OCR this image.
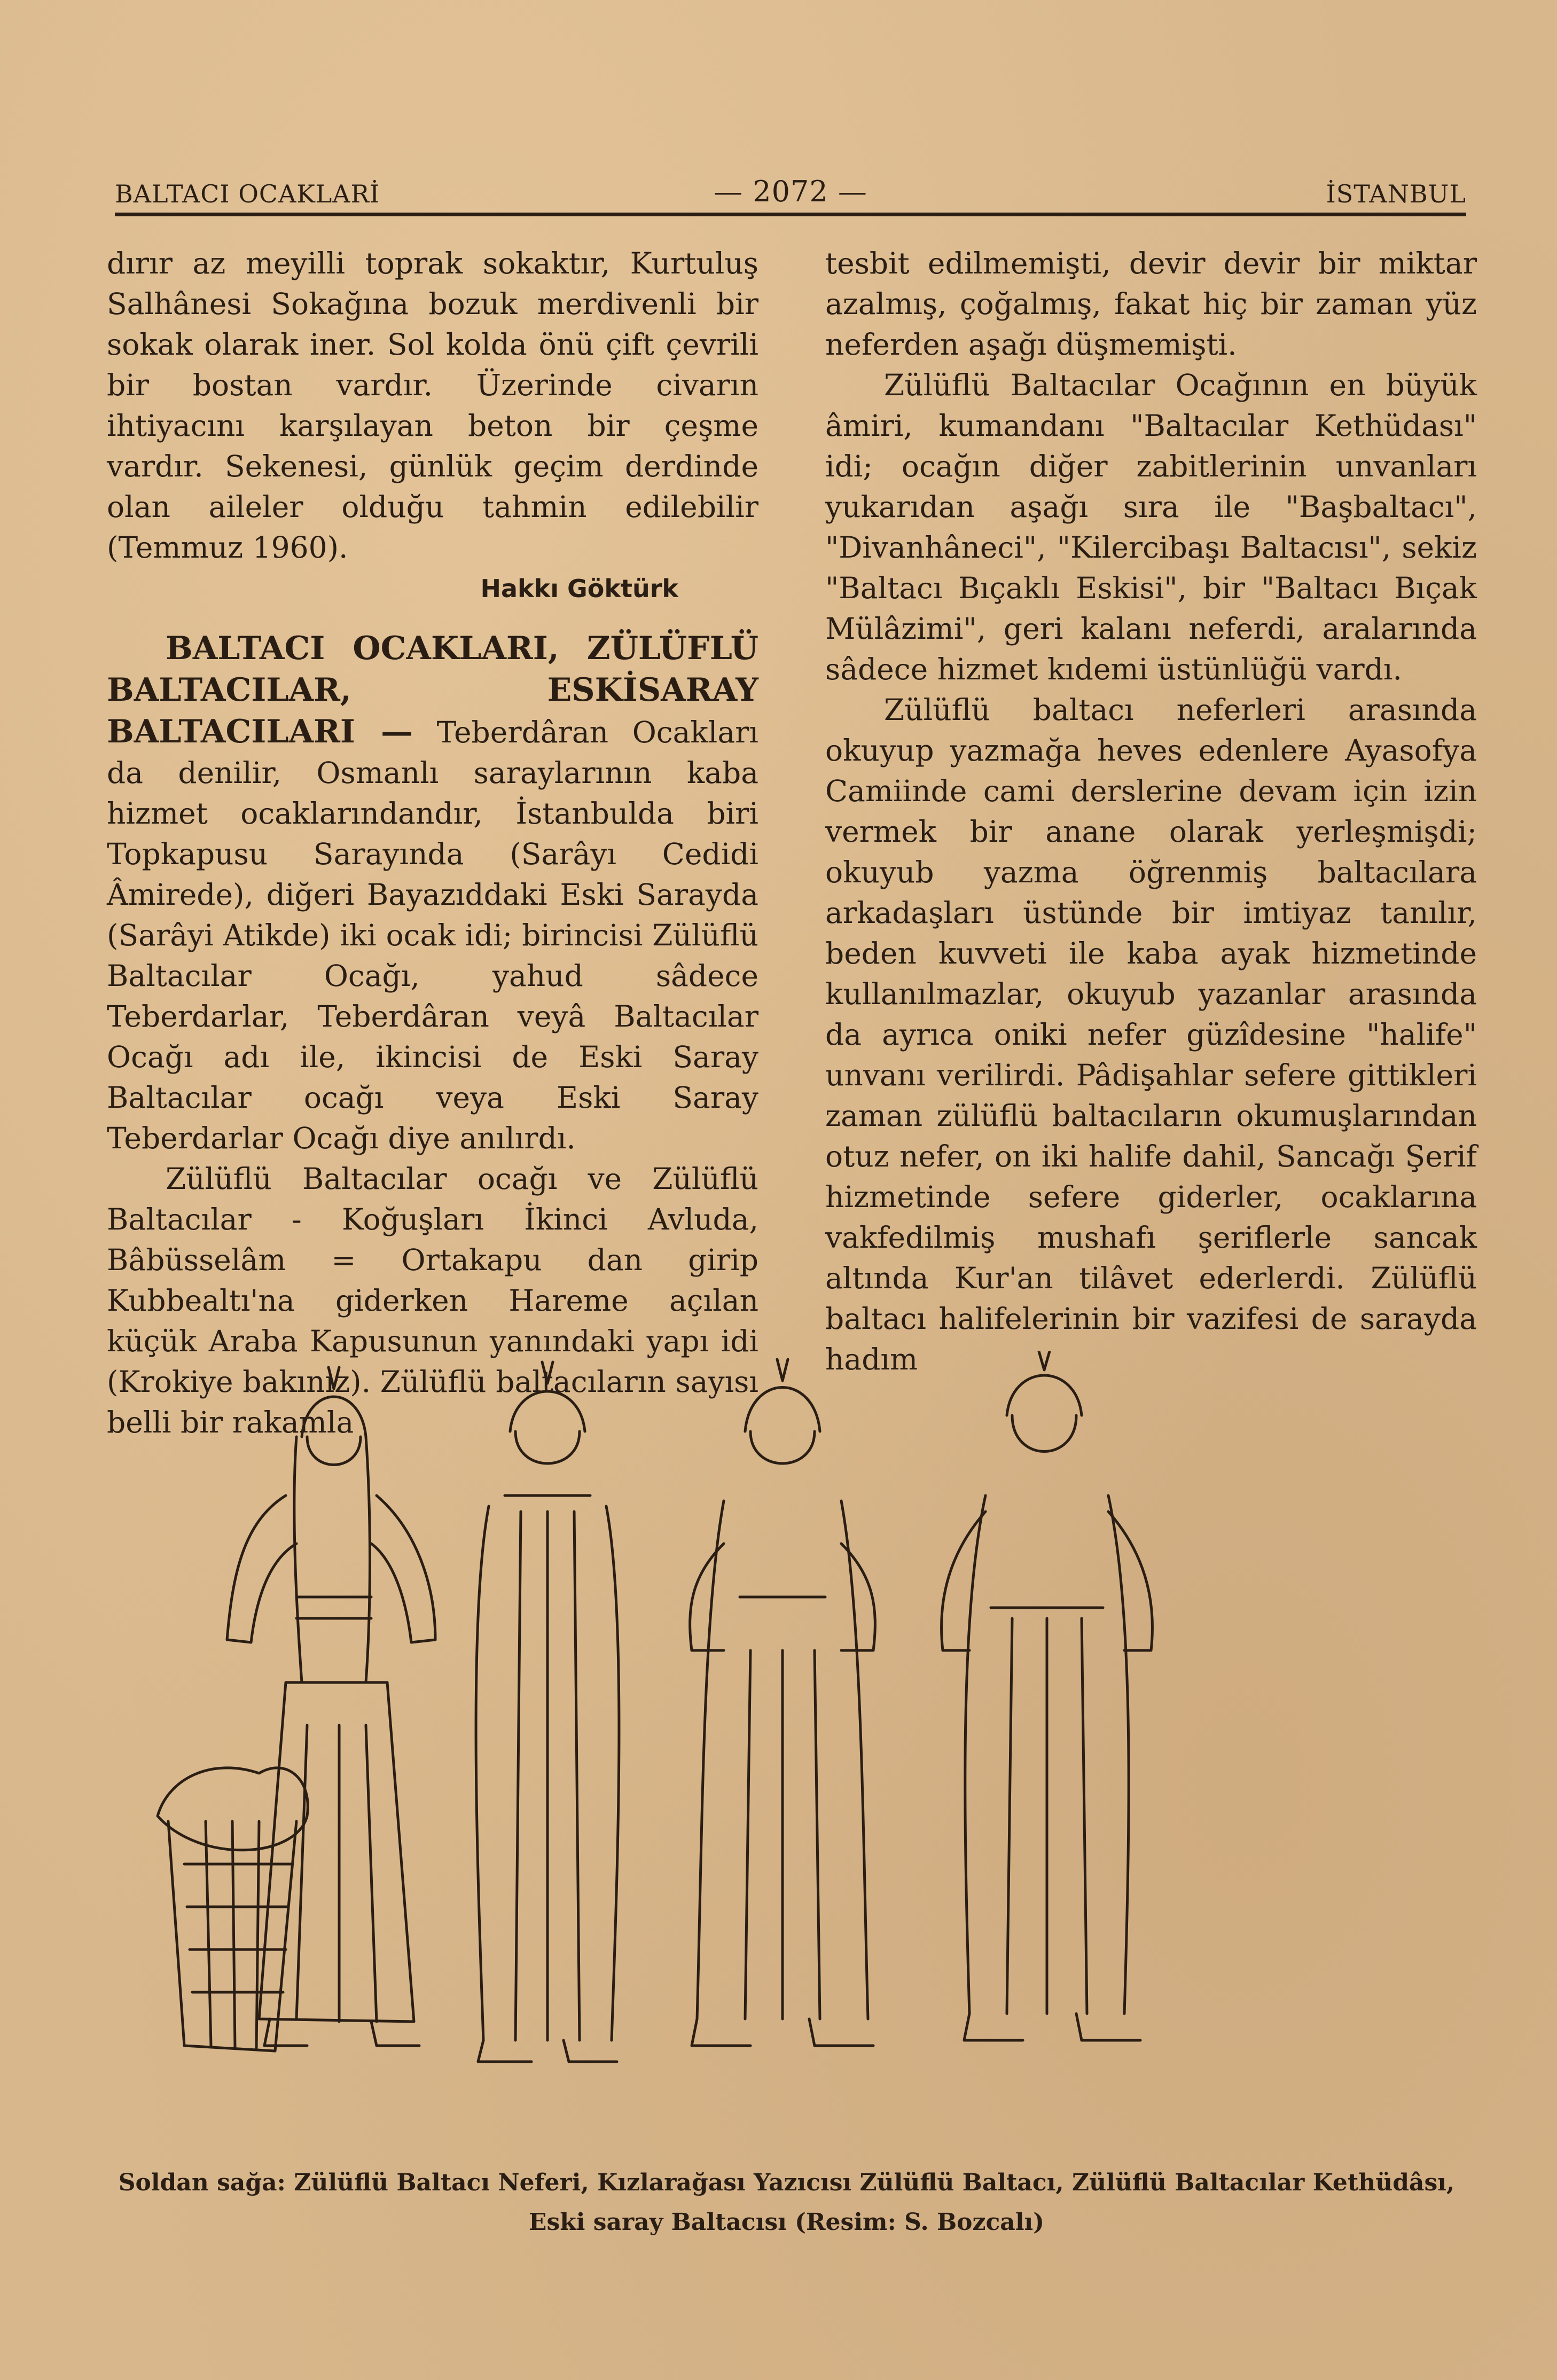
BALTACI OCAKLARİ	— 2072 —	İSTANBUL

dırır az meyilli toprak sokaktır, Kurtuluş Salhânesi Sokağına bozuk merdivenli bir sokak olarak iner. Sol kolda önü çift çevrili bir bostan vardır. Üzerinde civarın ihtiyacını karşılayan beton bir çeşme vardır. Sekenesi, günlük geçim derdinde olan aileler olduğu tahmin edilebilir (Temmuz 1960).

Hakkı Göktürk

BALTACI OCAKLARI, ZÜLÜFLÜ BALTACILAR, ESKİSARAY BALTACILARI — Teberdâran Ocakları da denilir, Osmanlı saraylarının kaba hizmet ocaklarındandır, İstanbulda biri Topkapusu Sarayında (Sarâyı Cedidi Âmirede), diğeri Bayazıddaki Eski Sarayda (Sarâyi Atikde) iki ocak idi; birincisi Zülüflü Baltacılar Ocağı, yahud sâdece Teberdarlar, Teberdâran veyâ Baltacılar Ocağı adı ile, ikincisi de Eski Saray Baltacılar ocağı veya Eski Saray Teberdarlar Ocağı diye anılırdı.

Zülüflü Baltacılar ocağı ve Zülüflü Baltacılar - Koğuşları İkinci Avluda, Bâbüsselâm = Ortakapu dan girip Kubbealtı'na giderken Hareme açılan küçük Araba Kapusunun yanındaki yapı idi (Krokiye bakınız). Zülüflü baltacıların sayısı belli bir rakamla

tesbit edilmemişti, devir devir bir miktar azalmış, çoğalmış, fakat hiç bir zaman yüz neferden aşağı düşmemişti.

Zülüflü Baltacılar Ocağının en büyük âmiri, kumandanı "Baltacılar Kethüdası" idi; ocağın diğer zabitlerinin unvanları yukarıdan aşağı sıra ile "Başbaltacı", "Divanhâneci", "Kilercibaşı Baltacısı", sekiz "Baltacı Bıçaklı Eskisi", bir "Baltacı Bıçak Mülâzimi", geri kalanı neferdi, aralarında sâdece hizmet kıdemi üstünlüğü vardı.

Zülüflü baltacı neferleri arasında okuyup yazmağa heves edenlere Ayasofya Camiinde cami derslerine devam için izin vermek bir anane olarak yerleşmişdi; okuyub yazma öğrenmiş baltacılara arkadaşları üstünde bir imtiyaz tanılır, beden kuvveti ile kaba ayak hizmetinde kullanılmazlar, okuyub yazanlar arasında da ayrıca oniki nefer güzîdesine "halife" unvanı verilirdi. Pâdişahlar sefere gittikleri zaman zülüflü baltacıların okumuşlarından otuz nefer, on iki halife dahil, Sancağı Şerif hizmetinde sefere giderler, ocaklarına vakfedilmiş mushafı şeriflerle sancak altında Kur'an tilâvet ederlerdi. Zülüflü baltacı halifelerinin bir vazifesi de sarayda hadım

Soldan sağa: Zülüflü Baltacı Neferi, Kızlarağası Yazıcısı Zülüflü Baltacı, Zülüflü Baltacılar Kethüdâsı, Eski saray Baltacısı (Resim: S. Bozcalı)
